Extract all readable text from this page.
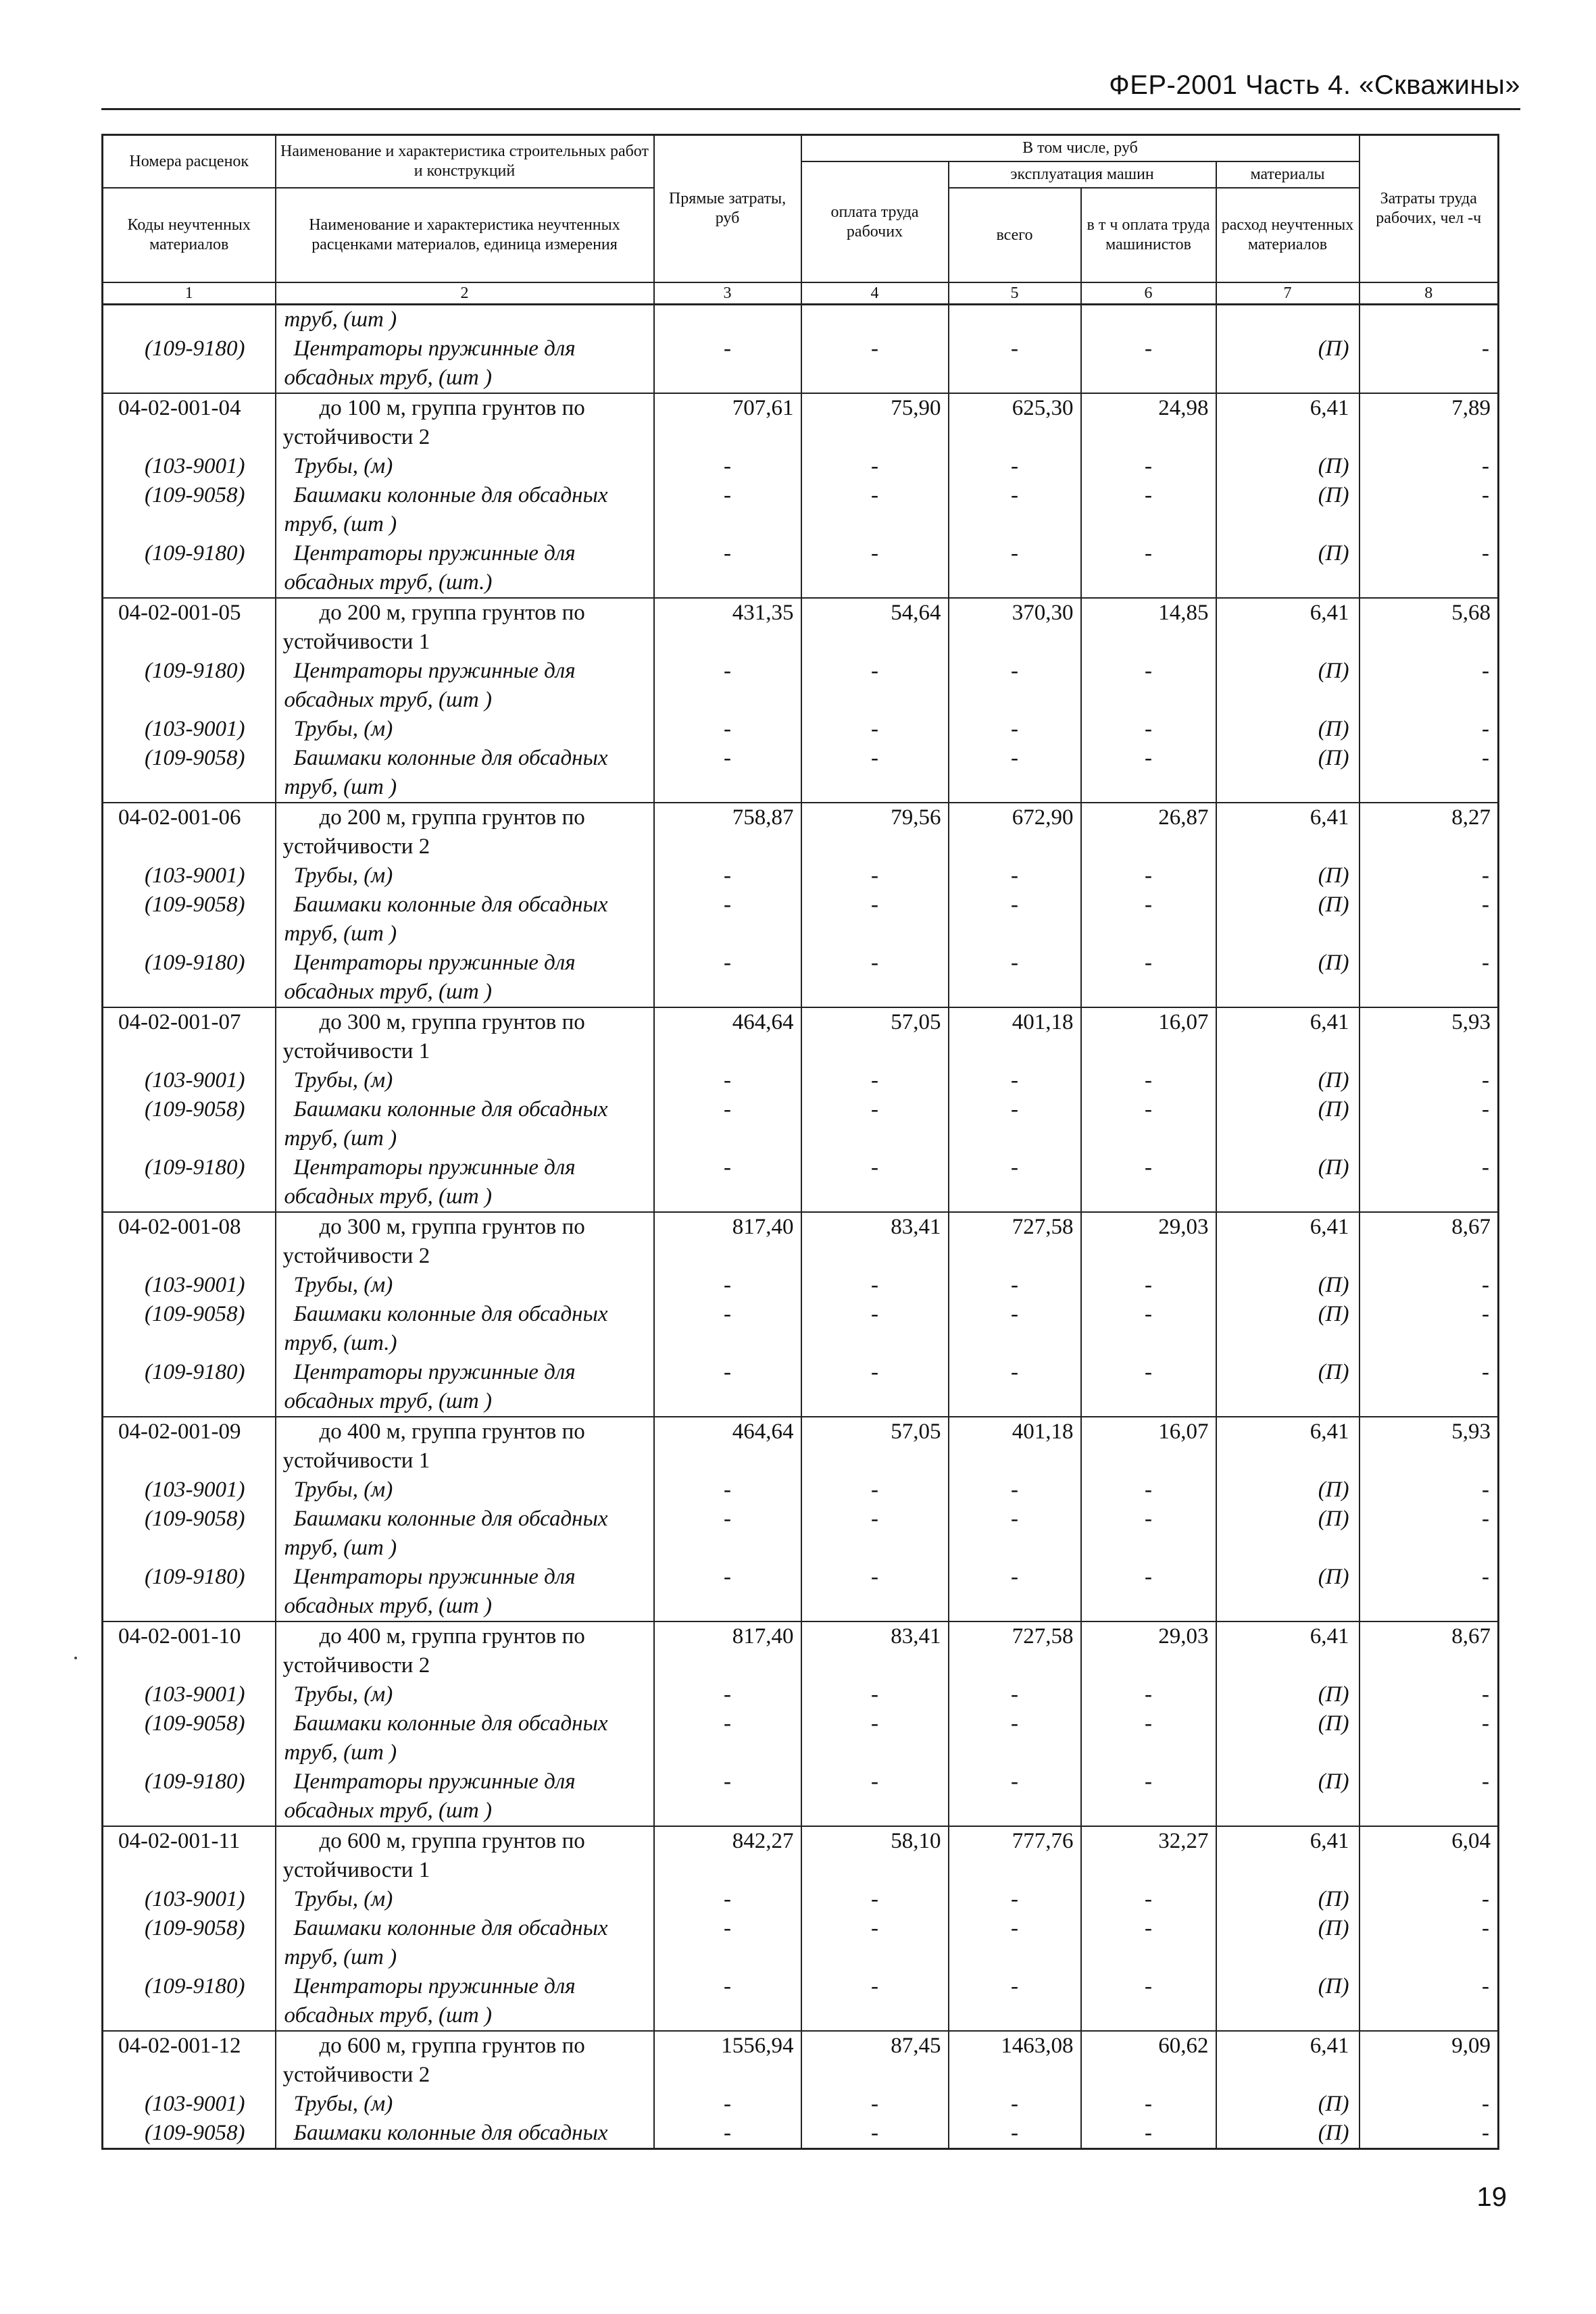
ФЕР-2001 Часть 4. «Скважины»
Номера расценок	Наименование и характеристика строительных работ и конструкций	Прямые затраты, руб	В том числе, руб				Затраты труда рабочих, чел -ч
			оплата труда рабочих	эксплуатация машин		материалы	
Коды неучтенных материалов	Наименование и характеристика неучтенных расценками материалов, единица измерения			всего	в т ч оплата труда машинистов	расход неучтенных материалов	

1	2	3	4	5	6	7	8
	труб, (шт )						
(109-9180)	Центраторы пружинные для	-	-	-	-	(П)	-
	обсадных труб, (шт )						
04-02-001-04	до 100 м, группа грунтов по	707,61	75,90	625,30	24,98	6,41	7,89
	устойчивости 2						
(103-9001)	Трубы, (м)	-	-	-	-	(П)	-
(109-9058)	Башмаки колонные для обсадных	-	-	-	-	(П)	-
	труб, (шт )						
(109-9180)	Центраторы пружинные для	-	-	-	-	(П)	-
	обсадных труб, (шт.)						
04-02-001-05	до 200 м, группа грунтов по	431,35	54,64	370,30	14,85	6,41	5,68
	устойчивости 1						
(109-9180)	Центраторы пружинные для	-	-	-	-	(П)	-
	обсадных труб, (шт )						
(103-9001)	Трубы, (м)	-	-	-	-	(П)	-
(109-9058)	Башмаки колонные для обсадных	-	-	-	-	(П)	-
	труб, (шт )						
04-02-001-06	до 200 м, группа грунтов по	758,87	79,56	672,90	26,87	6,41	8,27
	устойчивости 2						
(103-9001)	Трубы, (м)	-	-	-	-	(П)	-
(109-9058)	Башмаки колонные для обсадных	-	-	-	-	(П)	-
	труб, (шт )						
(109-9180)	Центраторы пружинные для	-	-	-	-	(П)	-
	обсадных труб, (шт )						
04-02-001-07	до 300 м, группа грунтов по	464,64	57,05	401,18	16,07	6,41	5,93
	устойчивости 1						
(103-9001)	Трубы, (м)	-	-	-	-	(П)	-
(109-9058)	Башмаки колонные для обсадных	-	-	-	-	(П)	-
	труб, (шт )						
(109-9180)	Центраторы пружинные для	-	-	-	-	(П)	-
	обсадных труб, (шт )						
04-02-001-08	до 300 м, группа грунтов по	817,40	83,41	727,58	29,03	6,41	8,67
	устойчивости 2						
(103-9001)	Трубы, (м)	-	-	-	-	(П)	-
(109-9058)	Башмаки колонные для обсадных	-	-	-	-	(П)	-
	труб, (шт.)						
(109-9180)	Центраторы пружинные для	-	-	-	-	(П)	-
	обсадных труб, (шт )						
04-02-001-09	до 400 м, группа грунтов по	464,64	57,05	401,18	16,07	6,41	5,93
	устойчивости 1						
(103-9001)	Трубы, (м)	-	-	-	-	(П)	-
(109-9058)	Башмаки колонные для обсадных	-	-	-	-	(П)	-
	труб, (шт )						
(109-9180)	Центраторы пружинные для	-	-	-	-	(П)	-
	обсадных труб, (шт )						
04-02-001-10	до 400 м, группа грунтов по	817,40	83,41	727,58	29,03	6,41	8,67
	устойчивости 2						
(103-9001)	Трубы, (м)	-	-	-	-	(П)	-
(109-9058)	Башмаки колонные для обсадных	-	-	-	-	(П)	-
	труб, (шт )						
(109-9180)	Центраторы пружинные для	-	-	-	-	(П)	-
	обсадных труб, (шт )						
04-02-001-11	до 600 м, группа грунтов по	842,27	58,10	777,76	32,27	6,41	6,04
	устойчивости 1						
(103-9001)	Трубы, (м)	-	-	-	-	(П)	-
(109-9058)	Башмаки колонные для обсадных	-	-	-	-	(П)	-
	труб, (шт )						
(109-9180)	Центраторы пружинные для	-	-	-	-	(П)	-
	обсадных труб, (шт )						
04-02-001-12	до 600 м, группа грунтов по	1556,94	87,45	1463,08	60,62	6,41	9,09
	устойчивости 2						
(103-9001)	Трубы, (м)	-	-	-	-	(П)	-
(109-9058)	Башмаки колонные для обсадных	-	-	-	-	(П)	-
19
